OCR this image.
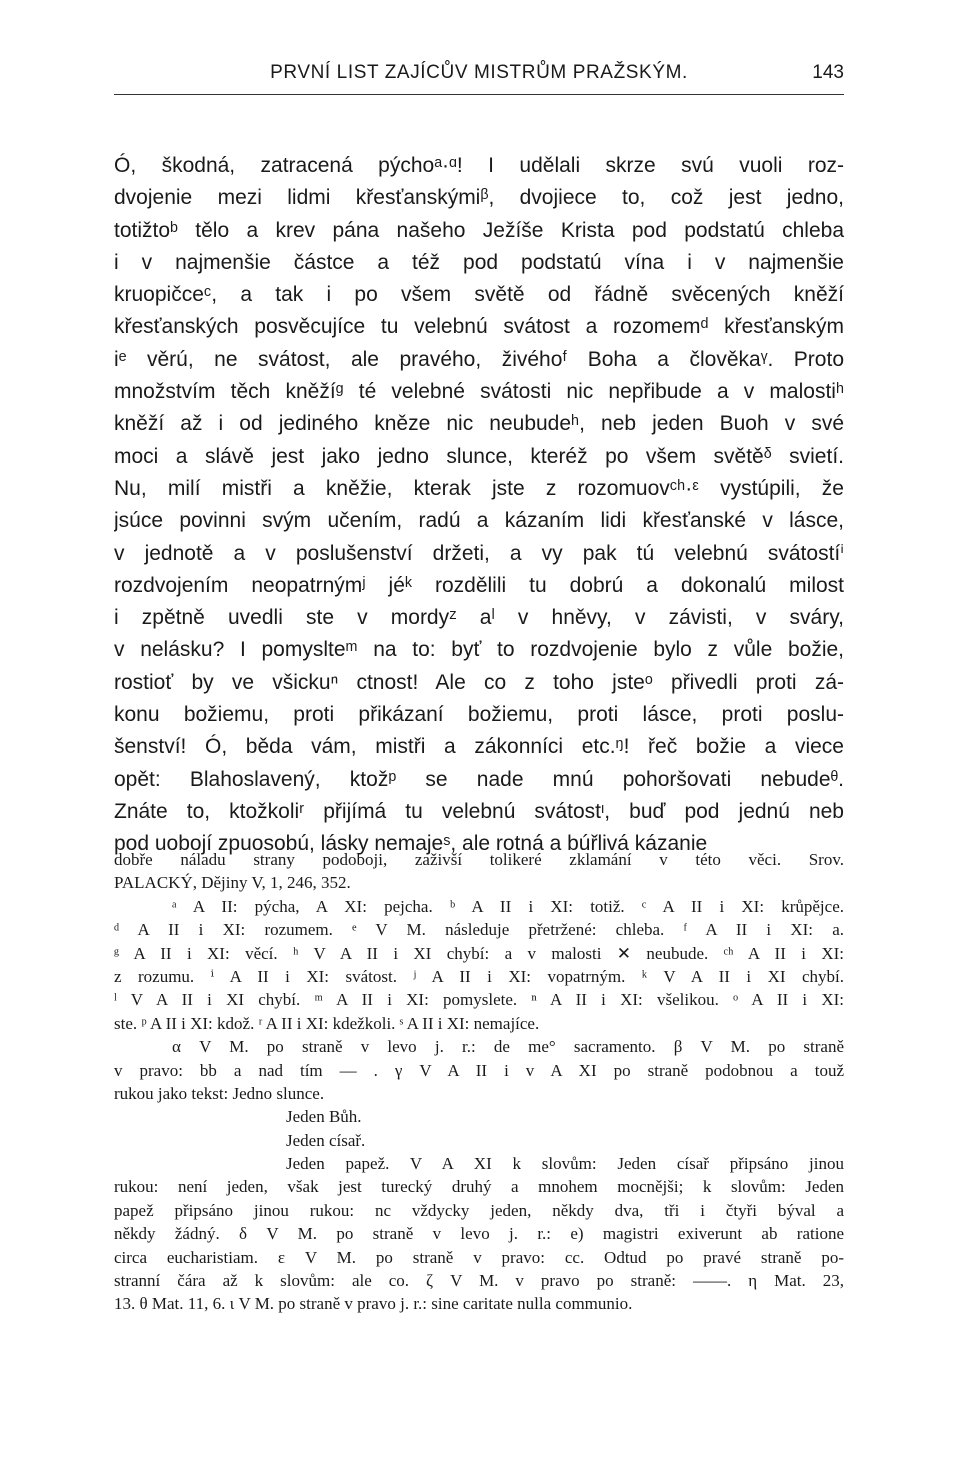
PRVNÍ LIST ZAJÍCŮV MISTRŮM PRAŽSKÝM.	143
Ó, škodná, zatracená pýchoᵃ·ᵅ! I udělali skrze svú vuoli roz-
dvojenie mezi lidmi křesťanskýmiᵝ, dvojiece to, což jest jedno,
totižtoᵇ tělo a krev pána našeho Ježíše Krista pod podstatú chleba
i v najmenšie částce a též pod podstatú vína i v najmenšie
kruopičceᶜ, a tak i po všem světě od řádně svěcených kněží
křesťanských posvěcujíce tu velebnú svátost a rozomemᵈ křesťanským
iᵉ věrú, ne svátost, ale pravého, živéhoᶠ Boha a člověkaᵞ. Proto
množstvím těch kněžíᵍ té velebné svátosti nic nepřibude a v malostiʰ
kněží až i od jediného kněze nic neubudeʰ, neb jeden Buoh v své
moci a slávě jest jako jedno slunce, kteréž po všem světěᵟ svietí.
Nu, milí mistři a kněžie, kterak jste z rozomuovᶜʰ·ᵋ vystúpili, že
jsúce povinni svým učením, radú a kázaním lidi křesťanské v lásce,
v jednotě a v poslušenství držeti, a vy pak tú velebnú svátostíⁱ
rozdvojením neopatrnýmʲ jéᵏ rozdělili tu dobrú a dokonalú milost
i zpětně uvedli ste v mordyᶻ aˡ v hněvy, v závisti, v sváry,
v nelásku? I pomysltеᵐ na to: byť to rozdvojenie bylo z vůle božie,
rostioť by ve všickuⁿ ctnost! Ale co z toho jsteᵒ přivedli proti zá-
konu božiemu, proti přikázaní božiemu, proti lásce, proti poslu-
šenství! Ó, běda vám, mistři a zákonníci etc.ᵑ! řeč božie a viece
opět: Blahoslavený, ktožᵖ se nade mnú pohoršovati nebudeᶿ.
Znáte to, ktožkoliʳ přijímá tu velebnú svátostᶥ, buď pod jednú neb
pod uobojí zpuosobú, lásky nemajeˢ, ale rotná a búřlivá kázanie
dobře náladu strany podoboji, zaživší tolikeré zklamání v této věci. Srov.
PALACKÝ, Dějiny V, 1, 246, 352.
ᵃ A II: pýcha, A XI: pejcha. ᵇ A II i XI: totiž. ᶜ A II i XI: krůpějce.
ᵈ A II i XI: rozumem. ᵉ V M. následuje přetržené: chleba. ᶠ A II i XI: a.
ᵍ A II i XI: věcí. ʰ V A II i XI chybí: a v malosti ✕ neubude. ᶜʰ A II i XI:
z rozumu. ⁱ A II i XI: svátost. ʲ A II i XI: vopatrným. ᵏ V A II i XI chybí.
ˡ V A II i XI chybí. ᵐ A II i XI: pomyslete. ⁿ A II i XI: všelikou. ᵒ A II i XI:
ste. ᵖ A II i XI: kdož. ʳ A II i XI: kdežkoli. ˢ A II i XI: nemajíce.
α V M. po straně v levo j. r.: de me° sacramento. β V M. po straně
v pravo: bb a nad tím — . γ V A II i v A XI po straně podobnou a touž
rukou jako tekst: Jedno slunce.
Jeden Bůh.
Jeden císař.
Jeden papež. V A XI k slovům: Jeden císař připsáno jinou
rukou: není jeden, však jest turecký druhý a mnohem mocnějši; k slovům: Jeden
papež připsáno jinou rukou: nc vždycky jeden, někdy dva, tři i čtyři býval a
někdy žádný. δ V M. po straně v levo j. r.: e) magistri exiverunt ab ratione
circa eucharistiam. ε V M. po straně v pravo: cc. Odtud po pravé straně po-
stranní čára až k slovům: ale co. ζ V M. v pravo po straně: ——. η Mat. 23,
13. θ Mat. 11, 6. ι V M. po straně v pravo j. r.: sine caritate nulla communio.
